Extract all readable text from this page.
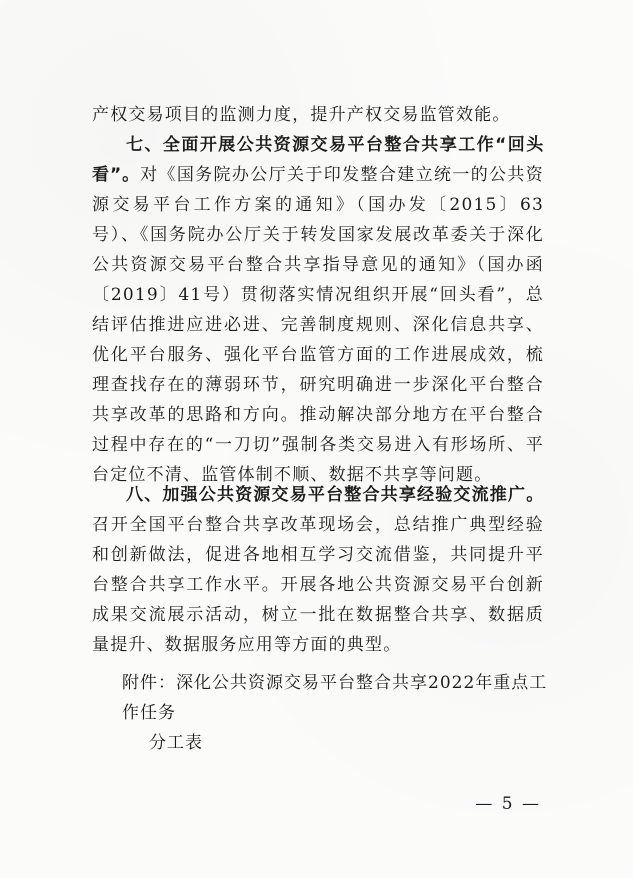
产权交易项目的监测力度，提升产权交易监管效能。
七、全面开展公共资源交易平台整合共享工作“回头看”。对《国务院办公厅关于印发整合建立统一的公共资源交易平台工作方案的通知》（国办发〔2015〕63号）、《国务院办公厅关于转发国家发展改革委关于深化公共资源交易平台整合共享指导意见的通知》（国办函〔2019〕41号）贯彻落实情况组织开展“回头看”，总结评估推进应进必进、完善制度规则、深化信息共享、优化平台服务、强化平台监管方面的工作进展成效，梳理查找存在的薄弱环节，研究明确进一步深化平台整合共享改革的思路和方向。推动解决部分地方在平台整合过程中存在的“一刀切”强制各类交易进入有形场所、平台定位不清、监管体制不顺、数据不共享等问题。
八、加强公共资源交易平台整合共享经验交流推广。召开全国平台整合共享改革现场会，总结推广典型经验和创新做法，促进各地相互学习交流借鉴，共同提升平台整合共享工作水平。开展各地公共资源交易平台创新成果交流展示活动，树立一批在数据整合共享、数据质量提升、数据服务应用等方面的典型。
附件：深化公共资源交易平台整合共享2022年重点工作任务
分工表
— 5 —
